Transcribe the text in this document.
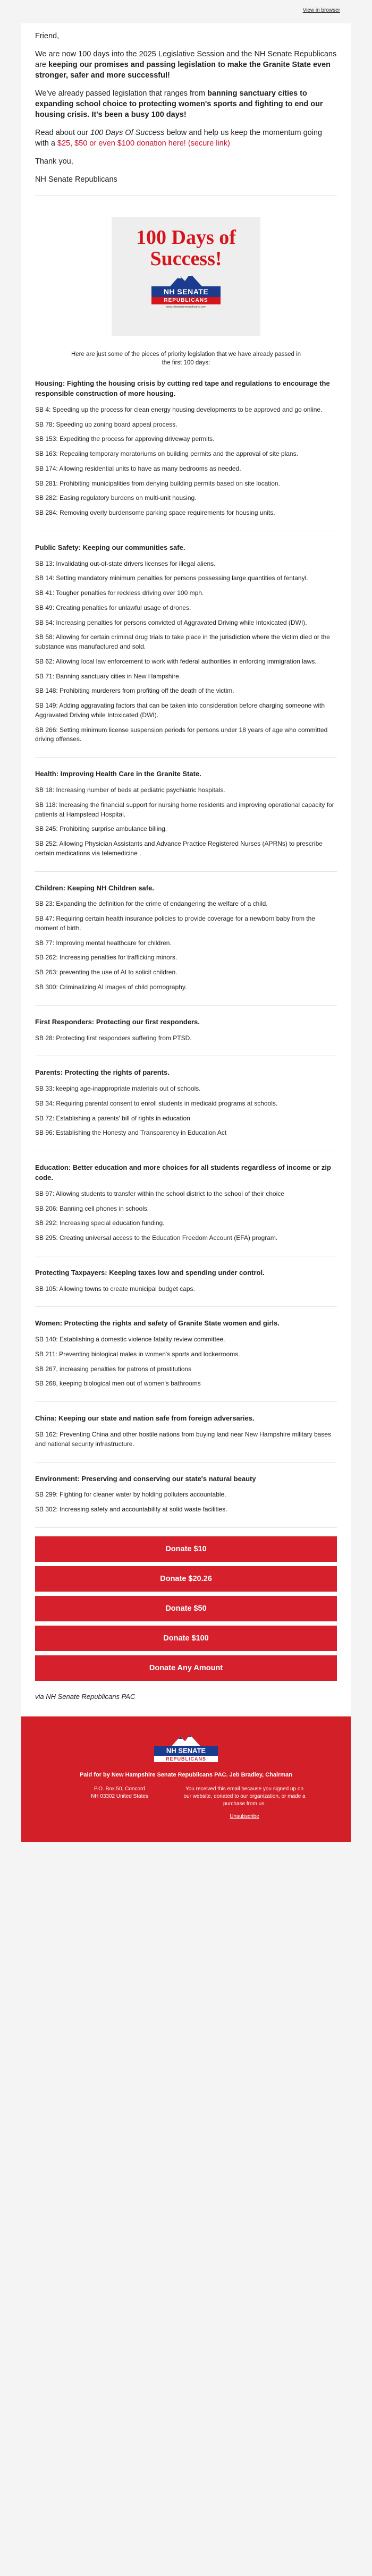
View in browser

Friend,

We are now 100 days into the 2025 Legislative Session and the NH Senate Republicans are keeping our promises and passing legislation to make the Granite State even stronger, safer and more successful!

We've already passed legislation that ranges from banning sanctuary cities to expanding school choice to protecting women's sports and fighting to end our housing crisis. It's been a busy 100 days!

Read about our 100 Days Of Success below and help us keep the momentum going with a $25, $50 or even $100 donation here! (secure link)

Thank you,

NH Senate Republicans

100 Days of
Success!
NH SENATE
REPUBLICANS
www.nhsenaterepublicans.com
Here are just some of the pieces of priority legislation that we have already passed in the first 100 days:
Housing: Fighting the housing crisis by cutting red tape and regulations to encourage the responsible construction of more housing.
SB 4: Speeding up the process for clean energy housing developments to be approved and go online.
SB 78: Speeding up zoning board appeal process.
SB 153: Expediting the process for approving driveway permits.
SB 163: Repealing temporary moratoriums on building permits and the approval of site plans.
SB 174: Allowing residential units to have as many bedrooms as needed.
SB 281: Prohibiting municipalities from denying building permits based on site location.
SB 282: Easing regulatory burdens on multi-unit housing.
SB 284: Removing overly burdensome parking space requirements for housing units.
Public Safety: Keeping our communities safe.
SB 13: Invalidating out-of-state drivers licenses for illegal aliens.
SB 14: Setting mandatory minimum penalties for persons possessing large quantities of fentanyl.
SB 41: Tougher penalties for reckless driving over 100 mph.
SB 49: Creating penalties for unlawful usage of drones.
SB 54: Increasing penalties for persons convicted of Aggravated Driving while Intoxicated (DWI).
SB 58: Allowing for certain criminal drug trials to take place in the jurisdiction where the victim died or the substance was manufactured and sold.
SB 62: Allowing local law enforcement to work with federal authorities in enforcing immigration laws.
SB 71: Banning sanctuary cities in New Hampshire.
SB 148: Prohibiting murderers from profiting off the death of the victim.
SB 149: Adding aggravating factors that can be taken into consideration before charging someone with Aggravated Driving while Intoxicated (DWI).
SB 266: Setting minimum license suspension periods for persons under 18 years of age who committed driving offenses.
Health: Improving Health Care in the Granite State.
SB 18: Increasing number of beds at pediatric psychiatric hospitals.
SB 118: Increasing the financial support for nursing home residents and improving operational capacity for patients at Hampstead Hospital.
SB 245: Prohibiting surprise ambulance billing.
SB 252: Allowing Physician Assistants and Advance Practice Registered Nurses (APRNs) to prescribe certain medications via telemedicine .
Children: Keeping NH Children safe.
SB 23: Expanding the definition for the crime of endangering the welfare of a child.
SB 47: Requiring certain health insurance policies to provide coverage for a newborn baby from the moment of birth.
SB 77: Improving mental healthcare for children.
SB 262: Increasing penalties for trafficking minors.
SB 263: preventing the use of AI to solicit children.
SB 300: Criminalizing AI images of child pornography.
First Responders: Protecting our first responders.
SB 28: Protecting first responders suffering from PTSD.
Parents: Protecting the rights of parents.
SB 33: keeping age-inappropriate materials out of schools.
SB 34: Requiring parental consent to enroll students in medicaid programs at schools.
SB 72: Establishing a parents' bill of rights in education
SB 96: Establishing the Honesty and Transparency in Education Act
Education: Better education and more choices for all students regardless of income or zip code.
SB 97: Allowing students to transfer within the school district to the school of their choice
SB 206: Banning cell phones in schools.
SB 292: Increasing special education funding.
SB 295: Creating universal access to the Education Freedom Account (EFA) program.
Protecting Taxpayers: Keeping taxes low and spending under control.
SB 105: Allowing towns to create municipal budget caps.
Women: Protecting the rights and safety of Granite State women and girls.
SB 140: Establishing a domestic violence fatality review committee.
SB 211: Preventing biological males in women's sports and lockerrooms.
SB 267, increasing penalties for patrons of prostitutions
SB 268, keeping biological men out of women's bathrooms
China: Keeping our state and nation safe from foreign adversaries.
SB 162: Preventing China and other hostile nations from buying land near New Hampshire military bases and national security infrastructure.
Environment: Preserving and conserving our state's natural beauty
SB 299: Fighting for cleaner water by holding polluters accountable.
SB 302: Increasing safety and accountability at solid waste facilities.
Donate $10
Donate $20.26
Donate $50
Donate $100
Donate Any Amount
via NH Senate Republicans PAC
NH SENATE
REPUBLICANS
Paid for by New Hampshire Senate Republicans PAC. Jeb Bradley, Chairman
P.O. Box 50, Concord
NH 03302 United States
You received this email because you signed up on our website, donated to our organization, or made a purchase from us.
Unsubscribe
